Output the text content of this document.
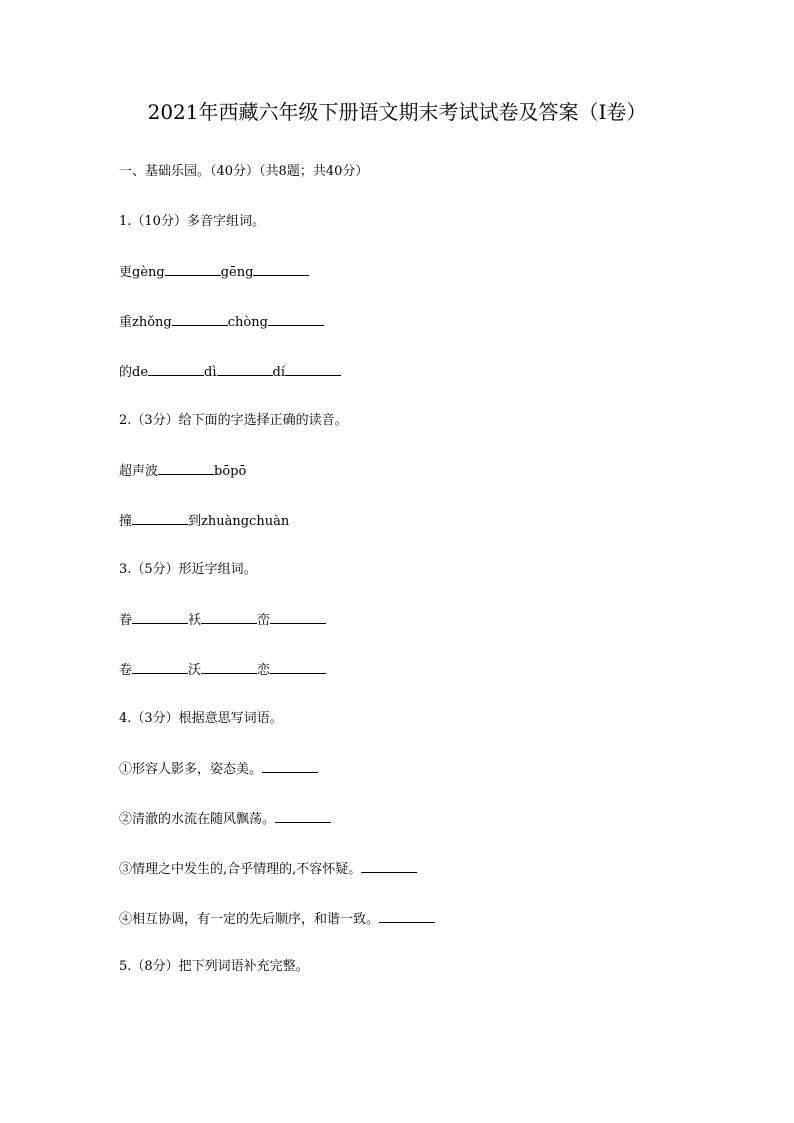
2021年西藏六年级下册语文期末考试试卷及答案（Ⅰ卷）
一、基础乐园。（40分）（共8题；共40分）
1.（10分）多音字组词。
更gèng	gēng
重zhǒng	chòng
的de	dì	dí
2.（3分）给下面的字选择正确的读音。
超声波	bōpō
撞	到zhuàngchuàn
3.（5分）形近字组词。
眷	袄	峦
卷	沃	恋
4.（3分）根据意思写词语。
①形容人影多，姿态美。
②清澈的水流在随风飘荡。
③情理之中发生的,合乎情理的,不容怀疑。
④相互协调，有一定的先后顺序，和谐一致。
5.（8分）把下列词语补充完整。
